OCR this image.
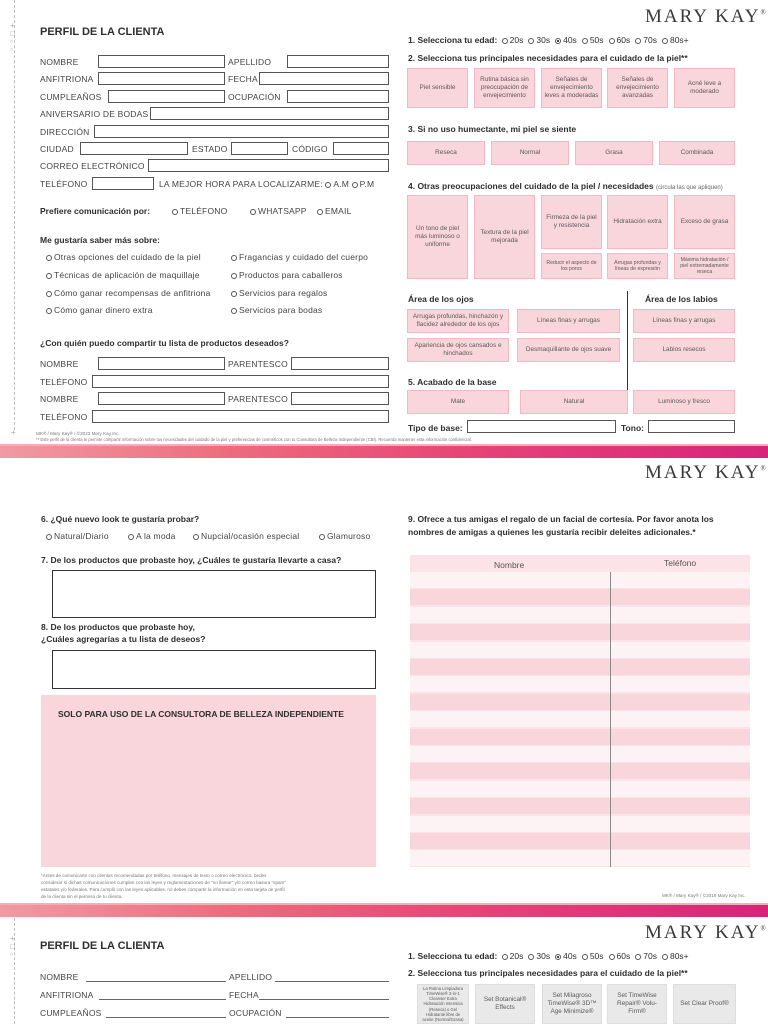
+
□
▫
▫
PERFIL DE LA CLIENTA
MARY KAY®
NOMBRE	APELLIDO
ANFITRIONA	FECHA
CUMPLEAÑOS	OCUPACIÓN
ANIVERSARIO DE BODAS
DIRECCIÓN
CIUDAD	ESTADO	CÓDIGO
CORREO ELECTRÓNICO
TELÉFONO	LA MEJOR HORA PARA LOCALIZARME: A.M P.M
Prefiere comunicación por:	TELÉFONO	WHATSAPP	EMAIL
Me gustaría saber más sobre:
Otras opciones del cuidado de la piel
Técnicas de aplicación de maquillaje
Cómo ganar recompensas de anfitriona
Cómo ganar dinero extra
Fragancias y cuidado del cuerpo
Productos para caballeros
Servicios para regalos
Servicios para bodas
¿Con quién puedo compartir tu lista de productos deseados?
NOMBRE	PARENTESCO
TELÉFONO
NOMBRE	PARENTESCO
TELÉFONO
1. Selecciona tu edad: 20s 30s 40s 50s 60s 70s 80s+
2. Selecciona tus principales necesidades para el cuidado de la piel**
Piel sensible
Rutina básica sin preocupación de envejecimiento
Señales de envejecimiento leves a moderadas
Señales de envejecimiento avanzadas
Acné leve a moderado
3. Si no uso humectante, mi piel se siente
Reseca	Normal	Grasa	Combinada
4. Otras preocupaciones del cuidado de la piel / necesidades (circula las que apliquen)
Un tono de piel más luminoso o uniforme
Textura de la piel mejorada
Firmeza de la piel y resistencia
Hidratación extra	Exceso de grasa
Reducir el aspecto de los poros
Arrugas profundas y líneas de expresión
Máxima hidratación / piel extremadamente reseca
Área de los ojos	Área de los labios
Arrugas profundas, hinchazón y flacidez alrededor de los ojos
Líneas finas y arrugas
Apariencia de ojos cansados e hinchados
Desmaquillante de ojos suave
Líneas finas y arrugas
Labios resecos
5. Acabado de la base
Mate	Natural	Luminoso y fresco
Tipo de base:	Tono:
MK® / Mary Kay® / ©2023 Mary Kay Inc.
** Este perfil de la clienta te permite compartir información sobre tus necesidades del cuidado de la piel y preferencias de cosméticos con tu Consultora de Belleza Independiente (CBI). Recuerda mantener esta información confidencial.
+
MARY KAY®
6. ¿Qué nuevo look te gustaría probar?
Natural/Diario	A la moda	Nupcial/ocasión especial	Glamuroso
7. De los productos que probaste hoy, ¿Cuáles te gustaría llevarte a casa?
8. De los productos que probaste hoy,
¿Cuáles agregarías a tu lista de deseos?
SOLO PARA USO DE LA CONSULTORA DE BELLEZA INDEPENDIENTE
*Antes de comunicarte con clientas recomendadas por teléfono, mensajes de texto o correo electrónico, bedes
considerar si dichas comunicaciones cumplen con las leyes y reglamentaciones de "no llamar" y/o correo basura "spam"
estatales y/o federales. Para cumplir con las leyes aplicables, no debes compartir la información en esta tarjeta de perfil
de la clienta sin el permiso de tu clienta.
9. Ofrece a tus amigas el regalo de un facial de cortesía. Por favor anota los
nombres de amigas a quienes les gustaría recibir deleites adicionales.*
Nombre	Teléfono
MK® / Mary Kay® / ©2019 Mary Kay Inc.
+
□
▫
PERFIL DE LA CLIENTA
MARY KAY®
NOMBRE	APELLIDO
ANFITRIONA	FECHA
CUMPLEAÑOS	OCUPACIÓN
1. Selecciona tu edad: 20s 30s 40s 50s 60s 70s 80s+
2. Selecciona tus principales necesidades para el cuidado de la piel**
La Rutina Limpiadora TimeWise® 3-in-1 Cleanser Extra Hidratación Intensiva (Reseca) o Gel Hidratante libre de aceite (Normal/Grasa)
Set Botanical® Effects
Set Milagroso TimeWise® 3D™ Age Minimize®
Set TimeWise Repair® Volu-Firm®
Set Clear Proof®
